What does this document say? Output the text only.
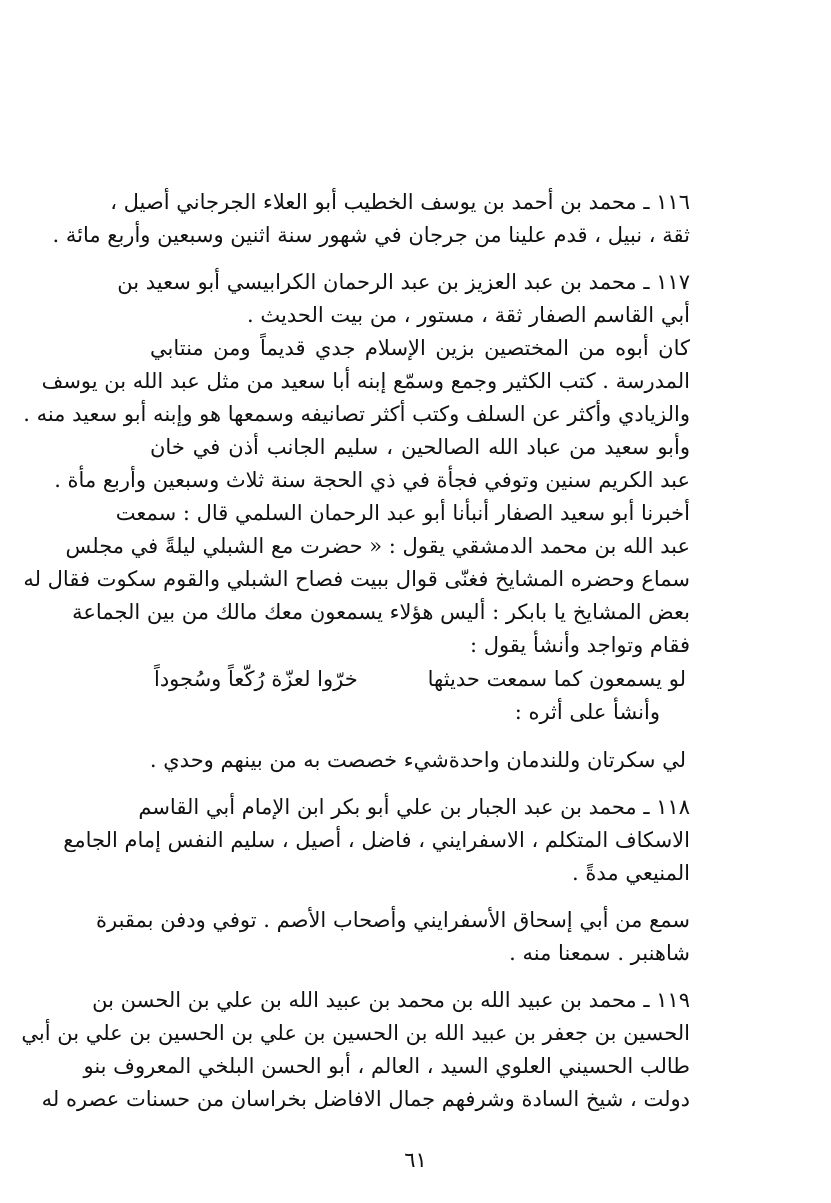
١١٦ ـ محمد بن أحمد بن يوسف الخطيب أبو العلاء الجرجاني أصيل ،
ثقة ، نبيل ، قدم علينا من جرجان في شهور سنة اثنين وسبعين وأربع مائة .
١١٧ ـ محمد بن عبد العزيز بن عبد الرحمان الكرابيسي أبو سعيد بن
أبي القاسم الصفار ثقة ، مستور ، من بيت الحديث .
كان أبوه من المختصين بزين الإسلام جدي قديماً ومن منتابي
المدرسة . كتب الكثير وجمع وسمّع إبنه أبا سعيد من مثل عبد الله بن يوسف
والزيادي وأكثر عن السلف وكتب أكثر تصانيفه وسمعها هو وإبنه أبو سعيد منه .
وأبو سعيد من عباد الله الصالحين ، سليم الجانب أذن في خان
عبد الكريم سنين وتوفي فجأة في ذي الحجة سنة ثلاث وسبعين وأربع مأة .
أخبرنا أبو سعيد الصفار أنبأنا أبو عبد الرحمان السلمي قال : سمعت
عبد الله بن محمد الدمشقي يقول : « حضرت مع الشبلي ليلةً في مجلس
سماع وحضره المشايخ فغنّى قوال ببيت فصاح الشبلي والقوم سكوت فقال له
بعض المشايخ يا بابكر : أليس هؤلاء يسمعون معك مالك من بين الجماعة
فقام وتواجد وأنشأ يقول :
لو يسمعون كما سمعت حديثها
خرّوا لعزّة رُكّعاً وسُجوداً
وأنشأ على أثره :
لي سكرتان وللندمان واحدة
شيء خصصت به من بينهم وحدي .
١١٨ ـ محمد بن عبد الجبار بن علي أبو بكر ابن الإمام أبي القاسم
الاسكاف المتكلم ، الاسفرايني ، فاضل ، أصيل ، سليم النفس إمام الجامع
المنيعي مدةً .
سمع من أبي إسحاق الأسفرايني وأصحاب الأصم . توفي ودفن بمقبرة
شاهنبر . سمعنا منه .
١١٩ ـ محمد بن عبيد الله بن محمد بن عبيد الله بن علي بن الحسن بن
الحسين بن جعفر بن عبيد الله بن الحسين بن علي بن الحسين بن علي بن أبي
طالب الحسيني العلوي السيد ، العالم ، أبو الحسن البلخي المعروف بنو
دولت ، شيخ السادة وشرفهم جمال الافاضل بخراسان من حسنات عصره له
٦١
